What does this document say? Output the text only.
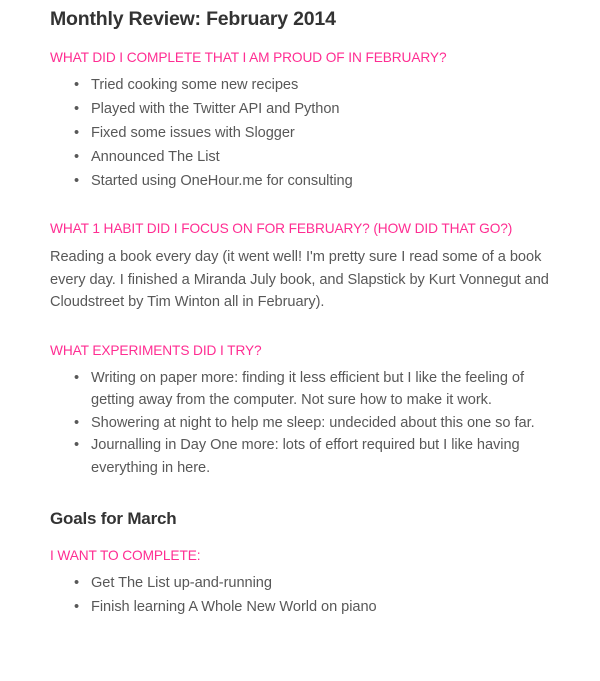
Monthly Review: February 2014
WHAT DID I COMPLETE THAT I AM PROUD OF IN FEBRUARY?
• Tried cooking some new recipes
• Played with the Twitter API and Python
• Fixed some issues with Slogger
• Announced The List
• Started using OneHour.me for consulting
WHAT 1 HABIT DID I FOCUS ON FOR FEBRUARY? (HOW DID THAT GO?)

Reading a book every day (it went well! I'm pretty sure I read some of a book every day. I finished a Miranda July book, and Slapstick by Kurt Vonnegut and Cloudstreet by Tim Winton all in February).

WHAT EXPERIMENTS DID I TRY?
• Writing on paper more: finding it less efficient but I like the feeling of getting away from the computer. Not sure how to make it work.
• Showering at night to help me sleep: undecided about this one so far.
• Journalling in Day One more: lots of effort required but I like having everything in here.
Goals for March
I WANT TO COMPLETE:
• Get The List up-and-running
• Finish learning A Whole New World on piano
